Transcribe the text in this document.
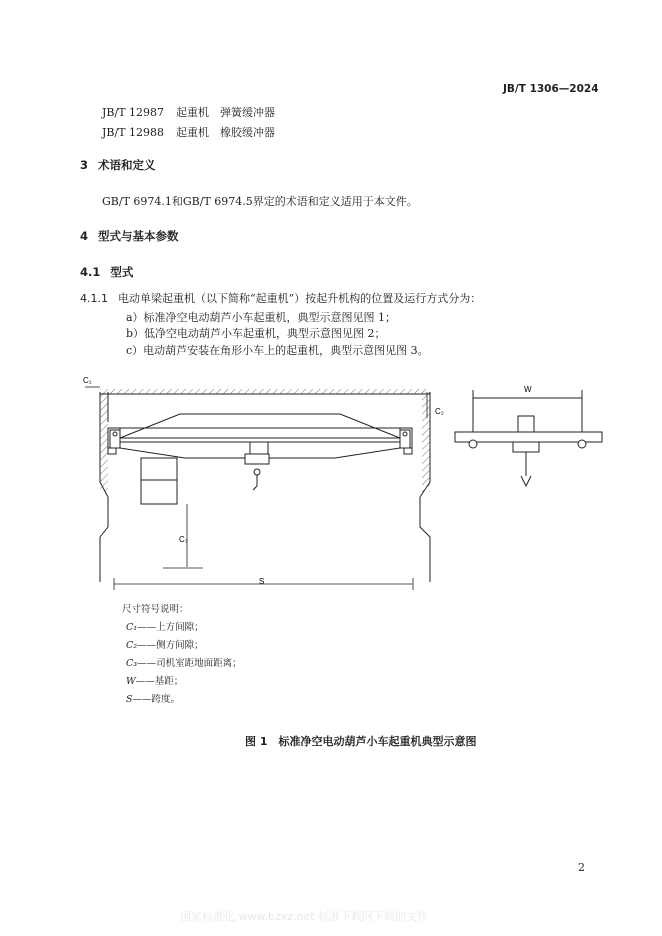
JB/T 1306—2024
JB/T 12987 起重机　弹簧缓冲器
JB/T 12988 起重机　橡胶缓冲器
3 术语和定义
GB/T 6974.1和GB/T 6974.5界定的术语和定义适用于本文件。
4 型式与基本参数
4.1 型式
4.1.1 电动单梁起重机（以下简称“起重机”）按起升机构的位置及运行方式分为：
a）标准净空电动葫芦小车起重机，典型示意图见图 1；
b）低净空电动葫芦小车起重机，典型示意图见图 2；
c）电动葫芦安装在角形小车上的起重机，典型示意图见图 3。
S
C₃
C₁
C₂
W
尺寸符号说明：
C₁——上方间隙；
C₂——侧方间隙；
C₃——司机室距地面距离；
W——基距；
S——跨度。
图 1　标准净空电动葫芦小车起重机典型示意图
2
国家标准化 www.bzxz.net 标准下载网下载的文件
